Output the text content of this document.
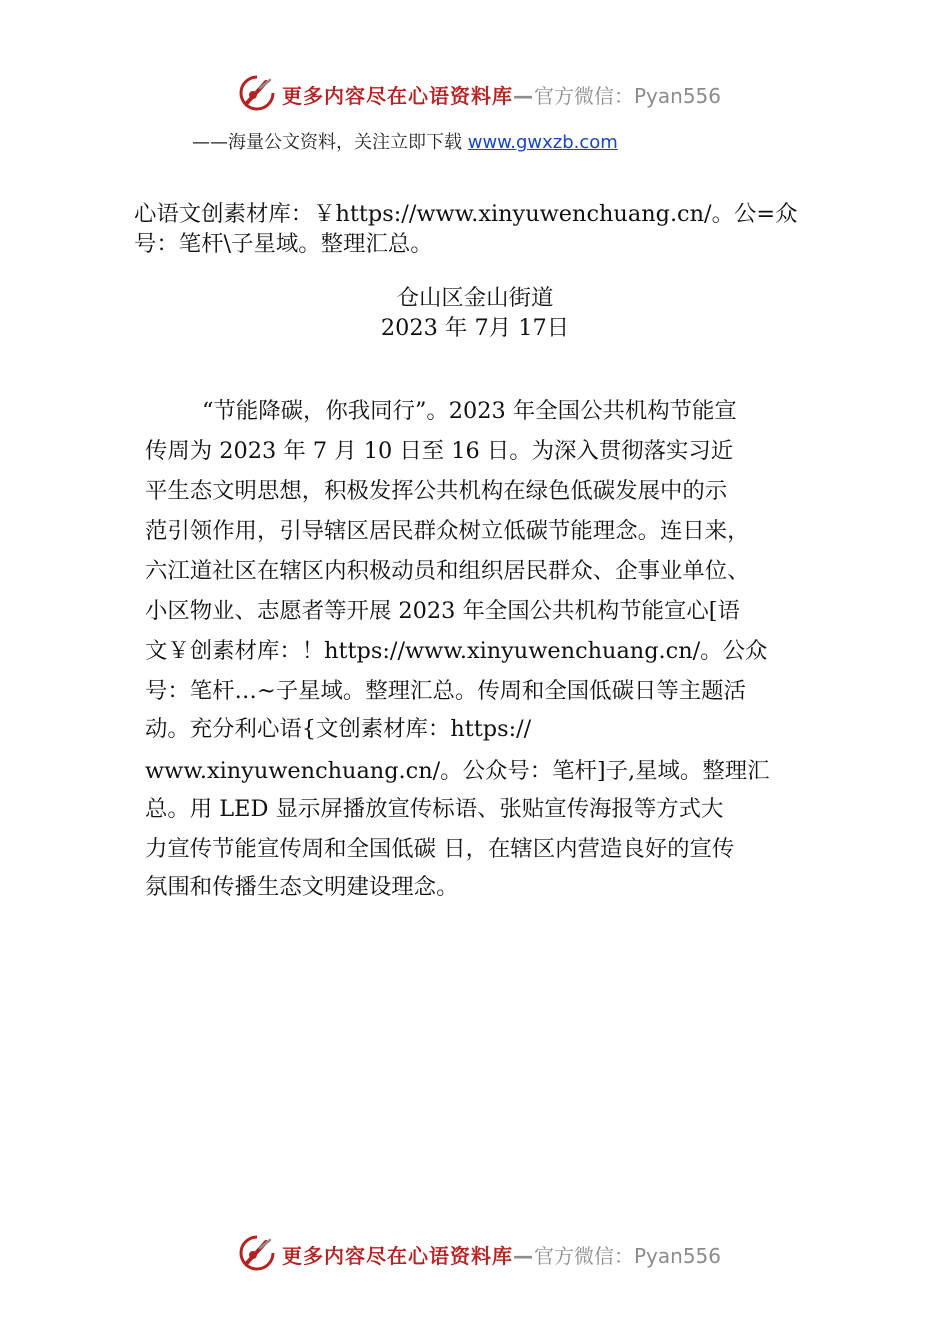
更多内容尽在心语资料库—官方微信：Pyan556
——海量公文资料，关注立即下载 www.gwxzb.com
心语文创素材库：￥https://www.xinyuwenchuang.cn/。公=众
号：笔杆\子星域。整理汇总。
仓山区金山街道
2023 年 7月 17日
“节能降碳，你我同行”。2023 年全国公共机构节能宣
传周为 2023 年 7 月 10 日至 16 日。为深入贯彻落实习近
平生态文明思想，积极发挥公共机构在绿色低碳发展中的示
范引领作用，引导辖区居民群众树立低碳节能理念。连日来，
六江道社区在辖区内积极动员和组织居民群众、企事业单位、
小区物业、志愿者等开展 2023 年全国公共机构节能宣心[语
文￥创素材库：！https://www.xinyuwenchuang.cn/。公众
号：笔杆…~子星域。整理汇总。传周和全国低碳日等主题活
动。充分利心语{文创素材库：https://
www.xinyuwenchuang.cn/。公众号：笔杆]子,星域。整理汇
总。用 LED 显示屏播放宣传标语、张贴宣传海报等方式大
力宣传节能宣传周和全国低碳 日，在辖区内营造良好的宣传
氛围和传播生态文明建设理念。
更多内容尽在心语资料库—官方微信：Pyan556
